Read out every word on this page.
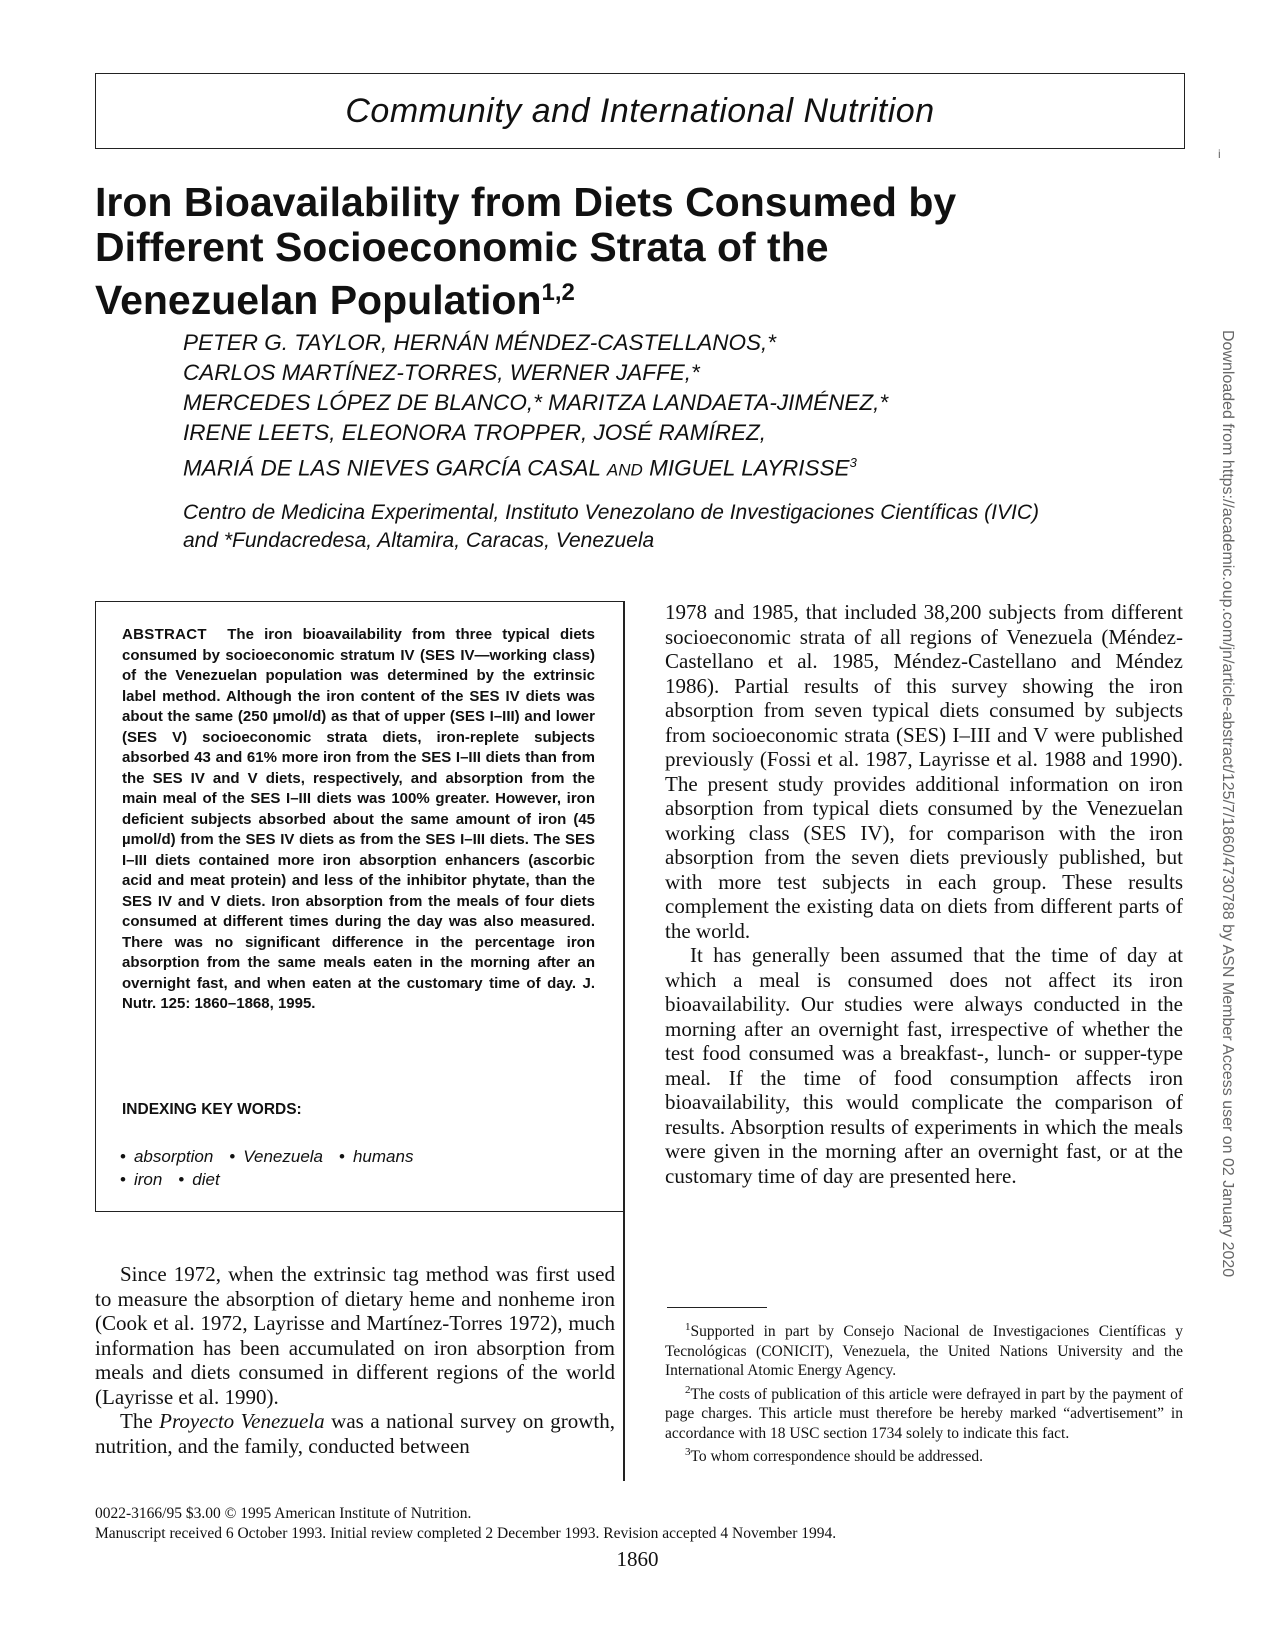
Community and International Nutrition
i
Iron Bioavailability from Diets Consumed by Different Socioeconomic Strata of the Venezuelan Population$^{1,2}$
PETER G. TAYLOR, HERNÁN MÉNDEZ-CASTELLANOS,*
CARLOS MARTÍNEZ-TORRES, WERNER JAFFE,*
MERCEDES LÓPEZ DE BLANCO,* MARITZA LANDAETA-JIMÉNEZ,*
IRENE LEETS, ELEONORA TROPPER, JOSÉ RAMÍREZ,
MARIÁ DE LAS NIEVES GARCÍA CASAL AND MIGUEL LAYRISSE$^3$
Centro de Medicina Experimental, Instituto Venezolano de Investigaciones Científicas (IVIC)
and *Fundacredesa, Altamira, Caracas, Venezuela

ABSTRACT The iron bioavailability from three typical diets consumed by socioeconomic stratum IV (SES IV—working class) of the Venezuelan population was determined by the extrinsic label method. Although the iron content of the SES IV diets was about the same (250 µmol/d) as that of upper (SES I–III) and lower (SES V) socioeconomic strata diets, iron-replete subjects absorbed 43 and 61% more iron from the SES I–III diets than from the SES IV and V diets, respectively, and absorption from the main meal of the SES I–III diets was 100% greater. However, iron deficient subjects absorbed about the same amount of iron (45 µmol/d) from the SES IV diets as from the SES I–III diets. The SES I–III diets contained more iron absorption enhancers (ascorbic acid and meat protein) and less of the inhibitor phytate, than the SES IV and V diets. Iron absorption from the meals of four diets consumed at different times during the day was also measured. There was no significant difference in the percentage iron absorption from the same meals eaten in the morning after an overnight fast, and when eaten at the customary time of day. J. Nutr. 125: 1860–1868, 1995.

INDEXING KEY WORDS:
• absorption • Venezuela • humans
• iron • diet

Since 1972, when the extrinsic tag method was first used to measure the absorption of dietary heme and nonheme iron (Cook et al. 1972, Layrisse and Martínez-Torres 1972), much information has been accumulated on iron absorption from meals and diets consumed in different regions of the world (Layrisse et al. 1990).

The Proyecto Venezuela was a national survey on growth, nutrition, and the family, conducted between

1978 and 1985, that included 38,200 subjects from different socioeconomic strata of all regions of Venezuela (Méndez-Castellano et al. 1985, Méndez-Castellano and Méndez 1986). Partial results of this survey showing the iron absorption from seven typical diets consumed by subjects from socioeconomic strata (SES) I–III and V were published previously (Fossi et al. 1987, Layrisse et al. 1988 and 1990). The present study provides additional information on iron absorption from typical diets consumed by the Venezuelan working class (SES IV), for comparison with the iron absorption from the seven diets previously published, but with more test subjects in each group. These results complement the existing data on diets from different parts of the world.

It has generally been assumed that the time of day at which a meal is consumed does not affect its iron bioavailability. Our studies were always conducted in the morning after an overnight fast, irrespective of whether the test food consumed was a breakfast-, lunch- or supper-type meal. If the time of food consumption affects iron bioavailability, this would complicate the comparison of results. Absorption results of experiments in which the meals were given in the morning after an overnight fast, or at the customary time of day are presented here.

$^1$Supported in part by Consejo Nacional de Investigaciones Científicas y Tecnológicas (CONICIT), Venezuela, the United Nations University and the International Atomic Energy Agency.

$^2$The costs of publication of this article were defrayed in part by the payment of page charges. This article must therefore be hereby marked “advertisement” in accordance with 18 USC section 1734 solely to indicate this fact.

$^3$To whom correspondence should be addressed.

0022-3166/95 $3.00 © 1995 American Institute of Nutrition.
Manuscript received 6 October 1993. Initial review completed 2 December 1993. Revision accepted 4 November 1994.
1860
Downloaded from https://academic.oup.com/jn/article-abstract/125/7/1860/4730788 by ASN Member Access user on 02 January 2020
